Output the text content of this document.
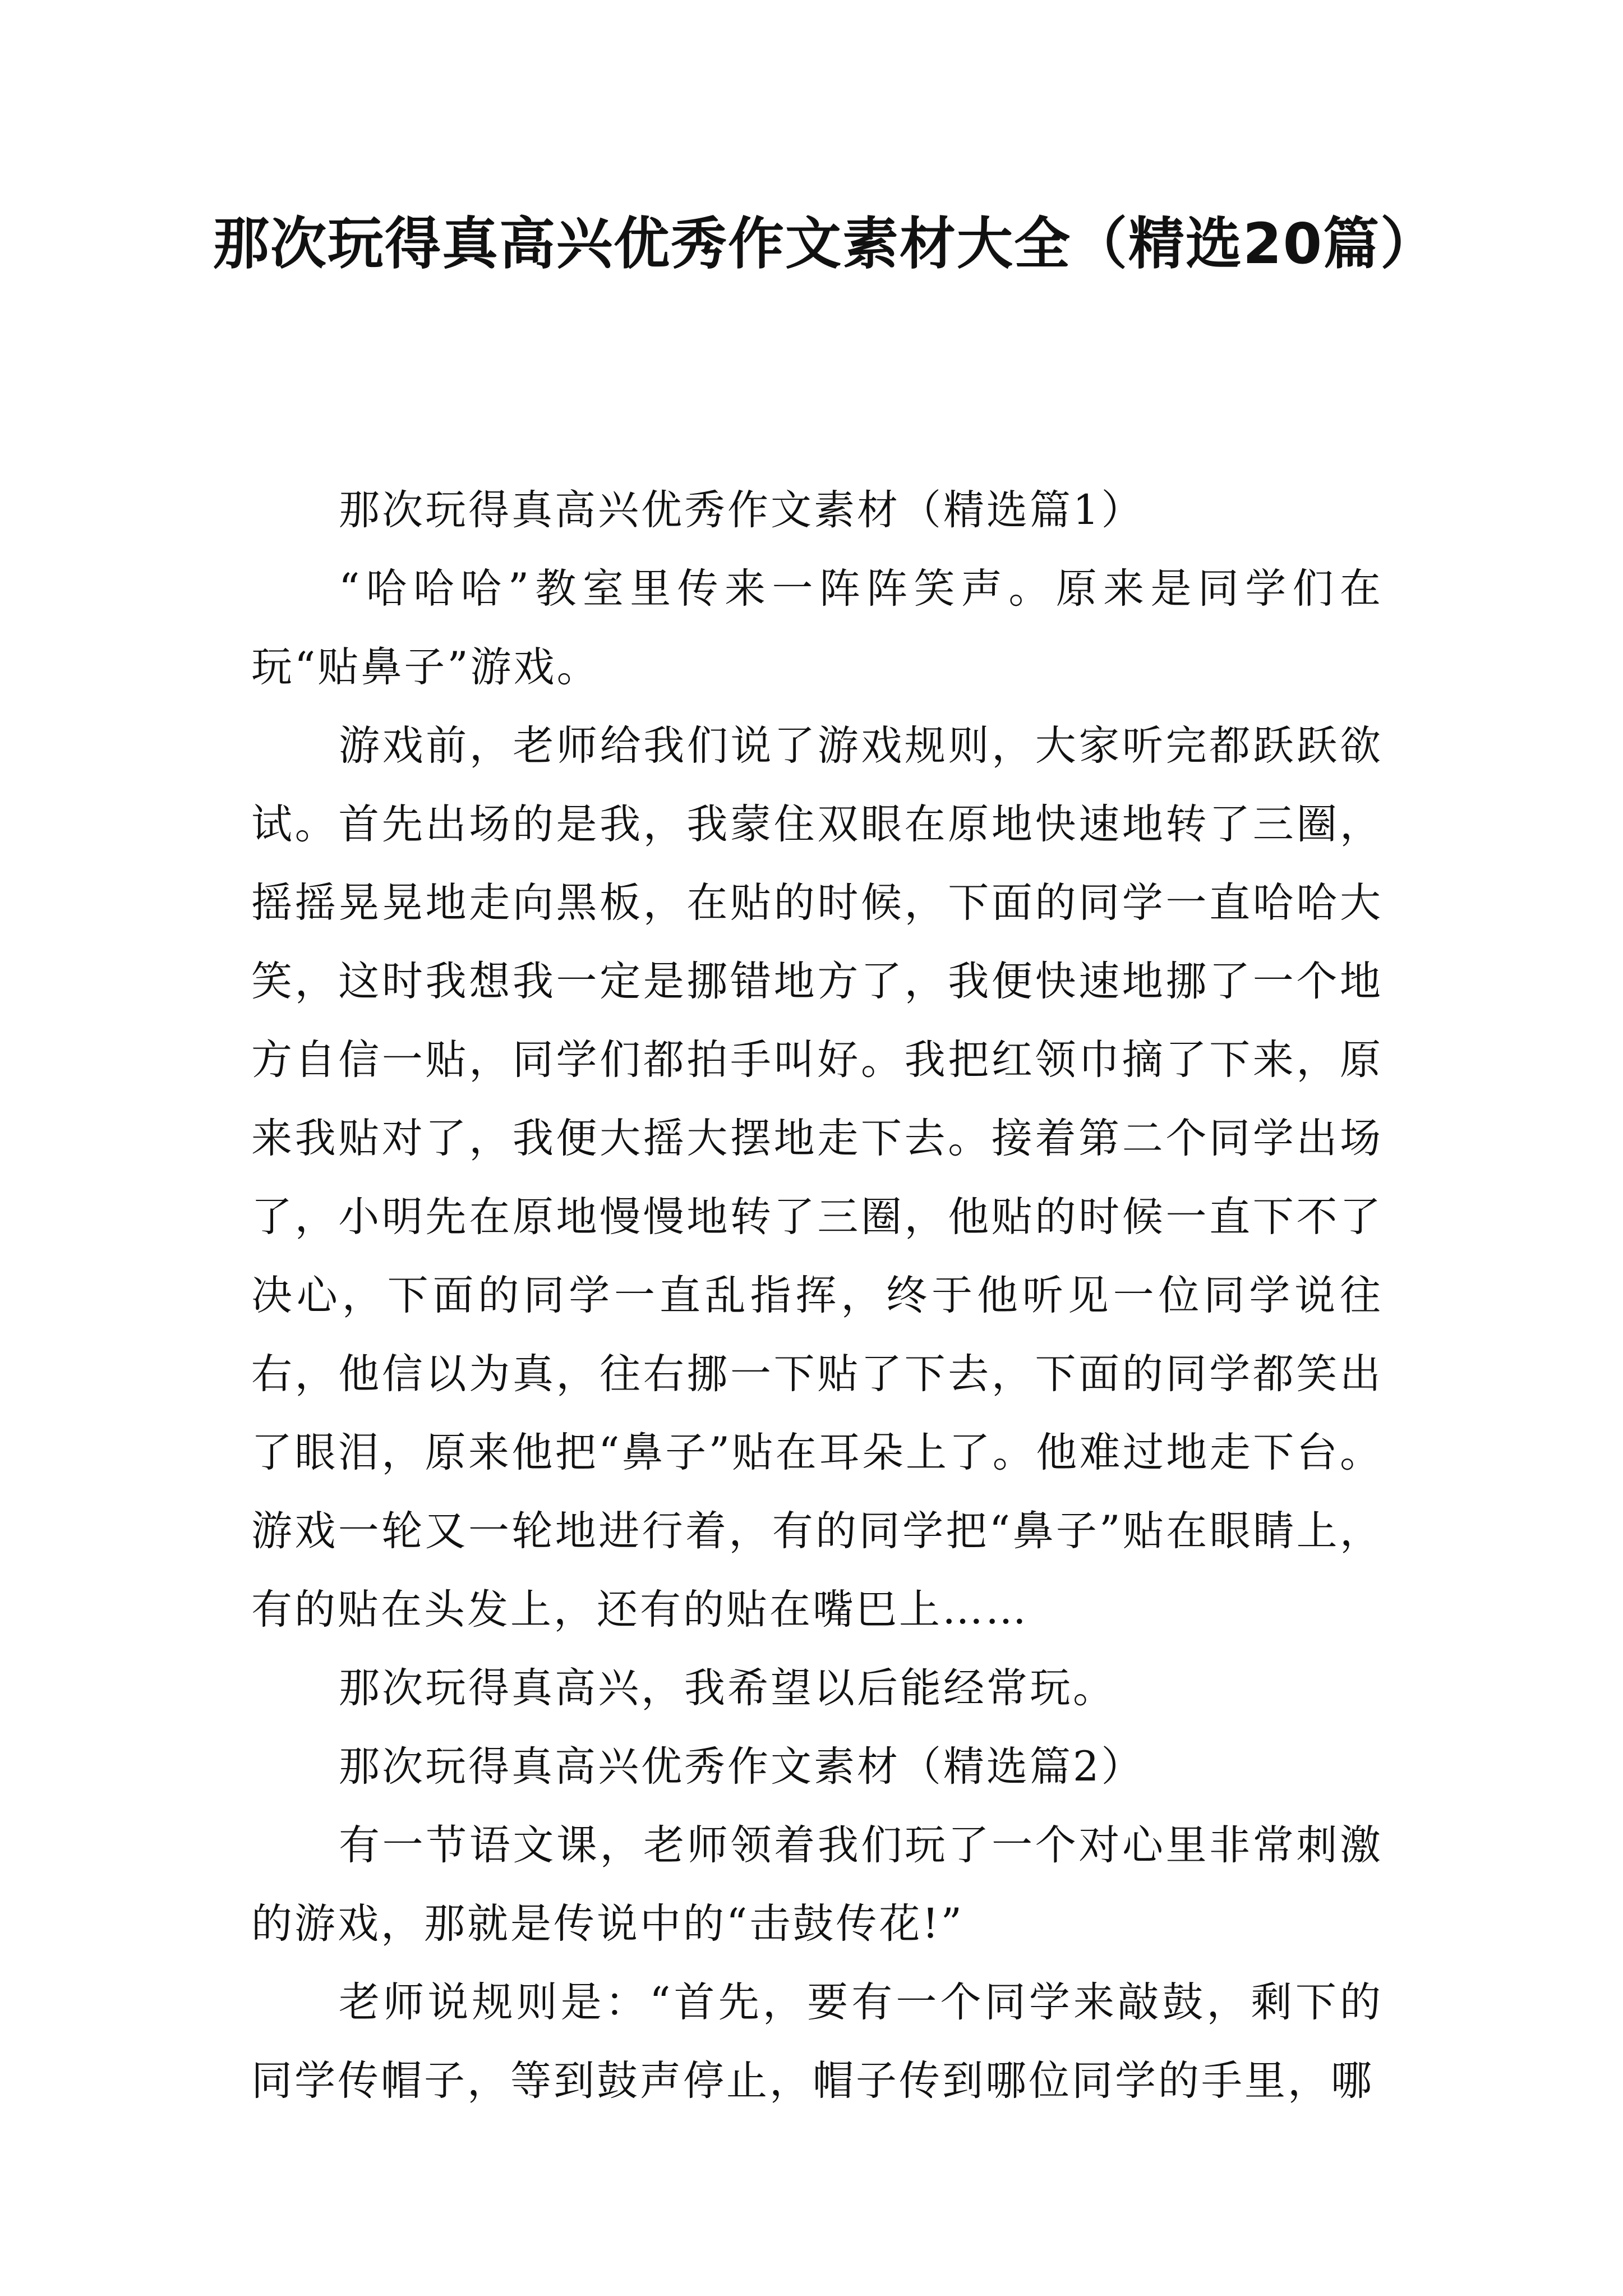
那次玩得真高兴优秀作文素材大全（精选20篇）

那次玩得真高兴优秀作文素材（精选篇1）

“哈哈哈”教室里传来一阵阵笑声。原来是同学们在玩“贴鼻子”游戏。

游戏前，老师给我们说了游戏规则，大家听完都跃跃欲试。首先出场的是我，我蒙住双眼在原地快速地转了三圈，摇摇晃晃地走向黑板，在贴的时候，下面的同学一直哈哈大笑，这时我想我一定是挪错地方了，我便快速地挪了一个地方自信一贴，同学们都拍手叫好。我把红领巾摘了下来，原来我贴对了，我便大摇大摆地走下去。接着第二个同学出场了，小明先在原地慢慢地转了三圈，他贴的时候一直下不了决心，下面的同学一直乱指挥，终于他听见一位同学说往右，他信以为真，往右挪一下贴了下去，下面的同学都笑出了眼泪，原来他把“鼻子”贴在耳朵上了。他难过地走下台。游戏一轮又一轮地进行着，有的同学把“鼻子”贴在眼睛上，有的贴在头发上，还有的贴在嘴巴上……

那次玩得真高兴，我希望以后能经常玩。

那次玩得真高兴优秀作文素材（精选篇2）

有一节语文课，老师领着我们玩了一个对心里非常刺激的游戏，那就是传说中的“击鼓传花!”

老师说规则是：“首先，要有一个同学来敲鼓，剩下的同学传帽子，等到鼓声停止，帽子传到哪位同学的手里，哪
